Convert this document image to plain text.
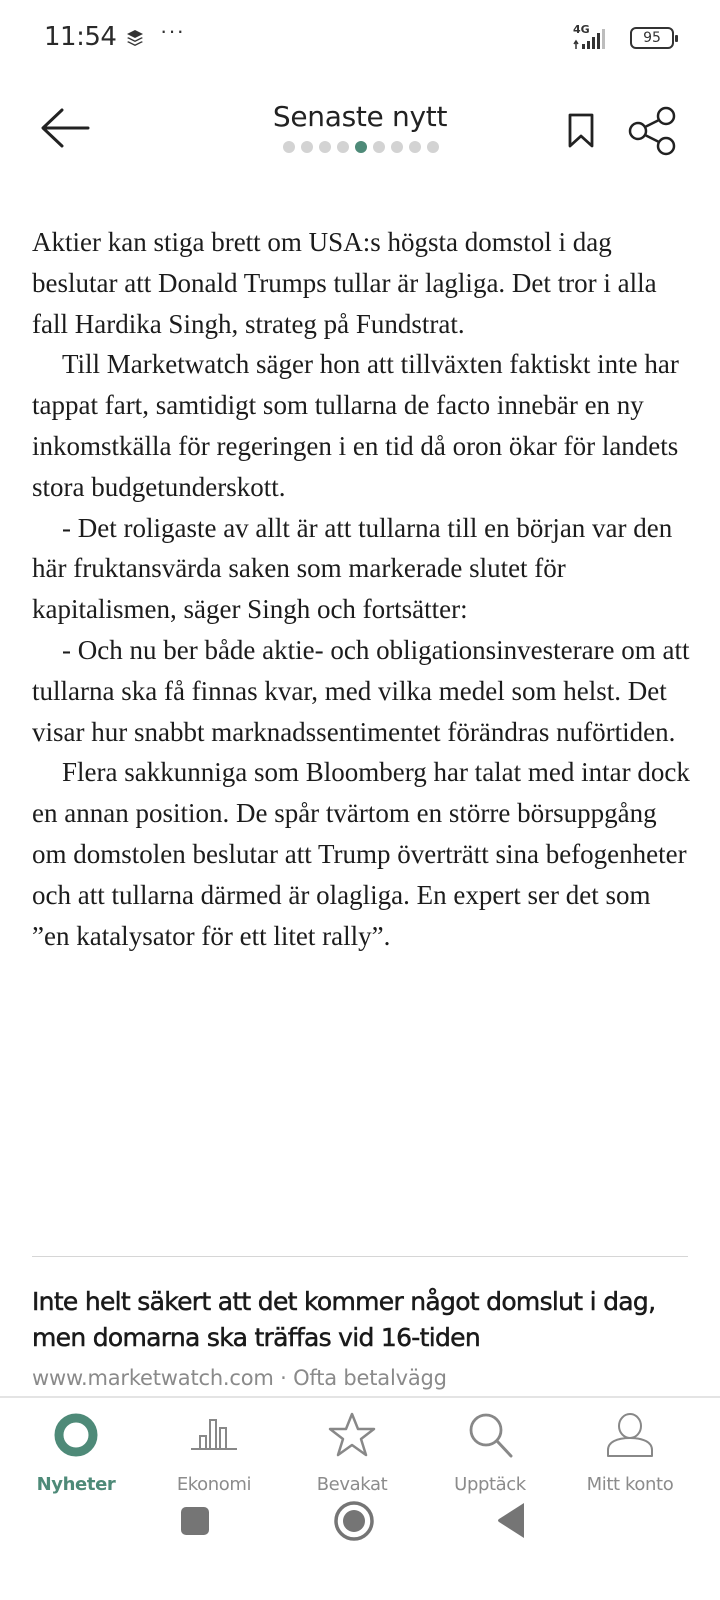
11:54 ···	4G
95
Senaste nytt

Aktier kan stiga brett om USA:s högsta domstol i dag beslutar att Donald Trumps tullar är lagliga. Det tror i alla fall Hardika Singh, strateg på Fundstrat.

Till Marketwatch säger hon att tillväxten faktiskt inte har tappat fart, samtidigt som tullarna de facto innebär en ny inkomstkälla för regeringen i en tid då oron ökar för landets stora budgetunderskott.

- Det roligaste av allt är att tullarna till en början var den här fruktansvärda saken som markerade slutet för kapitalismen, säger Singh och fortsätter:

- Och nu ber både aktie- och obligationsinvesterare om att tullarna ska få finnas kvar, med vilka medel som helst. Det visar hur snabbt marknadssentimentet förändras nuförtiden.

Flera sakkunniga som Bloomberg har talat med intar dock en annan position. De spår tvärtom en större börsuppgång om domstolen beslutar att Trump överträtt sina befogenheter och att tullarna därmed är olagliga. En expert ser det som ”en katalysator för ett litet rally”.

Inte helt säkert att det kommer något domslut i dag, men domarna ska träffas vid 16-tiden
www.marketwatch.com · Ofta betalvägg
Nyheter	Ekonomi	Bevakat	Upptäck	Mitt konto
